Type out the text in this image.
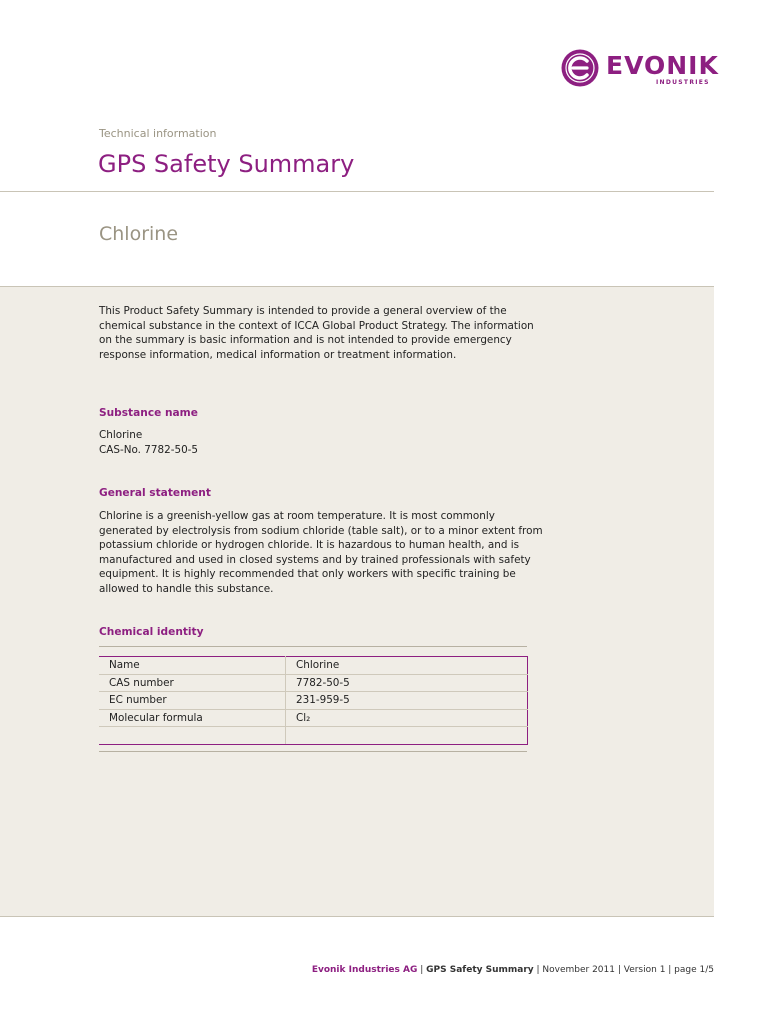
EVONIK
INDUSTRIES
Technical information
GPS Safety Summary
Chlorine
This Product Safety Summary is intended to provide a general overview of the chemical substance in the context of ICCA Global Product Strategy. The information on the summary is basic information and is not intended to provide emergency response information, medical information or treatment information.
Substance name
Chlorine
CAS-No. 7782-50-5
General statement
Chlorine is a greenish-yellow gas at room temperature. It is most commonly generated by electrolysis from sodium chloride (table salt), or to a minor extent from potassium chloride or hydrogen chloride. It is hazardous to human health, and is manufactured and used in closed systems and by trained professionals with safety equipment. It is highly recommended that only workers with specific training be allowed to handle this substance.
Chemical identity
Name	Chlorine
CAS number	7782-50-5
EC number	231-959-5
Molecular formula	Cl₂

Evonik Industries AG | GPS Safety Summary | November 2011 | Version 1 | page 1/5
